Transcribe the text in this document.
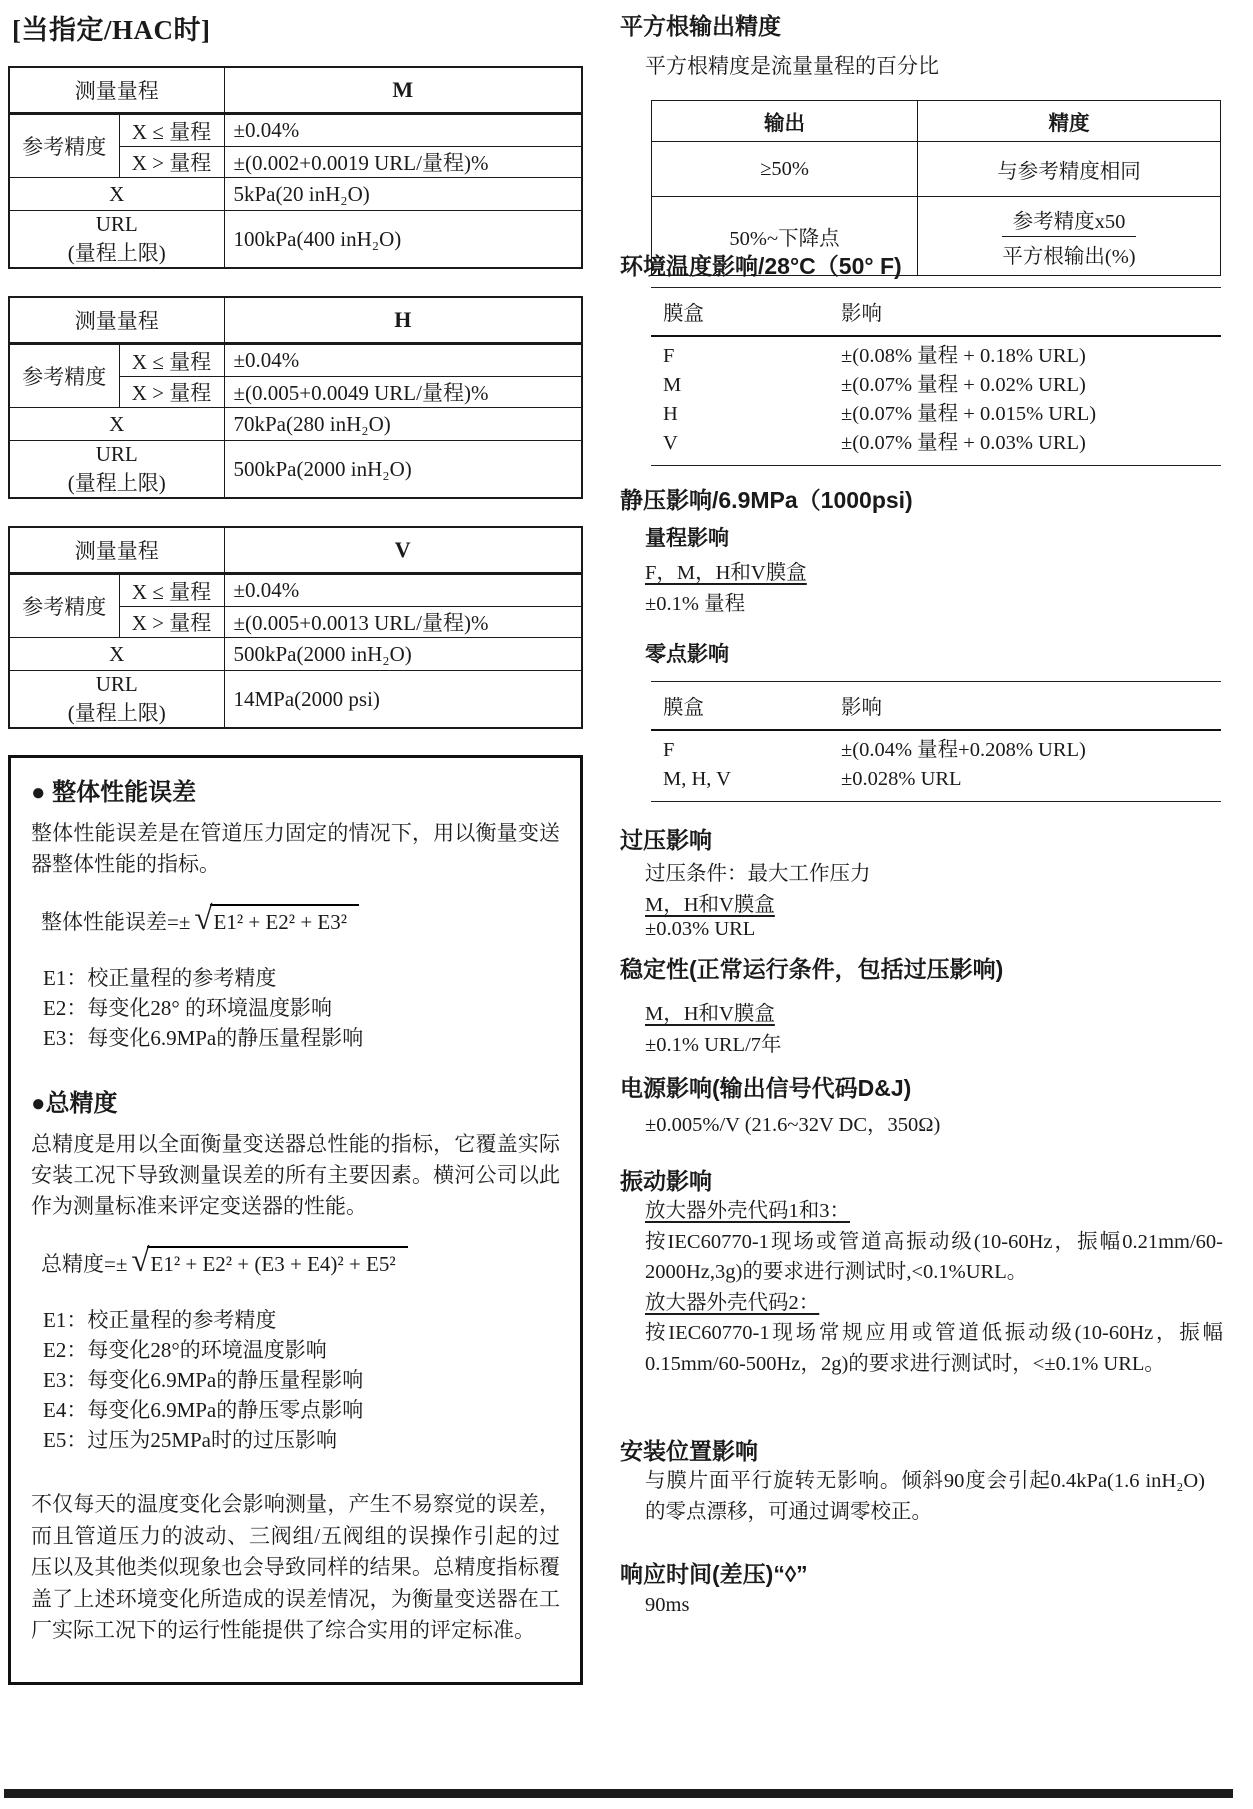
[当指定/HAC时]
测量量程		M
参考精度	X ≤ 量程	±0.04%
	X > 量程	±(0.002+0.0019 URL/量程)%
X		5kPa(20 inH₂O)

URL
(量程上限)		100kPa(400 inH₂O)
测量量程		H
参考精度	X ≤ 量程	±0.04%
	X > 量程	±(0.005+0.0049 URL/量程)%
X		70kPa(280 inH₂O)

URL
(量程上限)		500kPa(2000 inH₂O)
测量量程		V
参考精度	X ≤ 量程	±0.04%
	X > 量程	±(0.005+0.0013 URL/量程)%
X		500kPa(2000 inH₂O)

URL
(量程上限)		14MPa(2000 psi)
● 整体性能误差
整体性能误差是在管道压力固定的情况下，用以衡量变送器整体性能的指标。
整体性能误差=± √E1² + E2² + E3²
E1：校正量程的参考精度
E2：每变化28° 的环境温度影响
E3：每变化6.9MPa的静压量程影响
●总精度
总精度是用以全面衡量变送器总性能的指标，它覆盖实际安装工况下导致测量误差的所有主要因素。横河公司以此作为测量标准来评定变送器的性能。
总精度=± √E1² + E2² + (E3 + E4)² + E5²
E1：校正量程的参考精度
E2：每变化28°的环境温度影响
E3：每变化6.9MPa的静压量程影响
E4：每变化6.9MPa的静压零点影响
E5：过压为25MPa时的过压影响
不仅每天的温度变化会影响测量，产生不易察觉的误差，而且管道压力的波动、三阀组/五阀组的误操作引起的过压以及其他类似现象也会导致同样的结果。总精度指标覆盖了上述环境变化所造成的误差情况，为衡量变送器在工厂实际工况下的运行性能提供了综合实用的评定标准。
平方根输出精度
平方根精度是流量量程的百分比
输出	精度
≥50%	与参考精度相同
50%~下降点	$\frac{\text{参考精度x50}}{\text{平方根输出(\%)}}$
环境温度影响/28°C（50° F)
膜盒	影响
F	±(0.08% 量程 + 0.18% URL)
M	±(0.07% 量程 + 0.02% URL)
H	±(0.07% 量程 + 0.015% URL)
V	±(0.07% 量程 + 0.03% URL)
静压影响/6.9MPa（1000psi)
量程影响
F，M，H和V膜盒
±0.1% 量程
零点影响
膜盒	影响
F	±(0.04% 量程+0.208% URL)
M, H, V	±0.028% URL
过压影响
过压条件：最大工作压力
M，H和V膜盒
±0.03% URL
稳定性(正常运行条件，包括过压影响)
M，H和V膜盒
±0.1% URL/7年
电源影响(输出信号代码D&J)
±0.005%/V (21.6~32V DC，350Ω)
振动影响
放大器外壳代码1和3：
按IEC60770-1现场或管道高振动级(10-60Hz，振幅0.21mm/60-2000Hz,3g)的要求进行测试时,<0.1%URL。
放大器外壳代码2：
按IEC60770-1现场常规应用或管道低振动级(10-60Hz，振幅0.15mm/60-500Hz，2g)的要求进行测试时，<±0.1% URL。
安装位置影响
与膜片面平行旋转无影响。倾斜90度会引起0.4kPa(1.6 inH₂O)的零点漂移，可通过调零校正。
响应时间(差压)“◊”
90ms
